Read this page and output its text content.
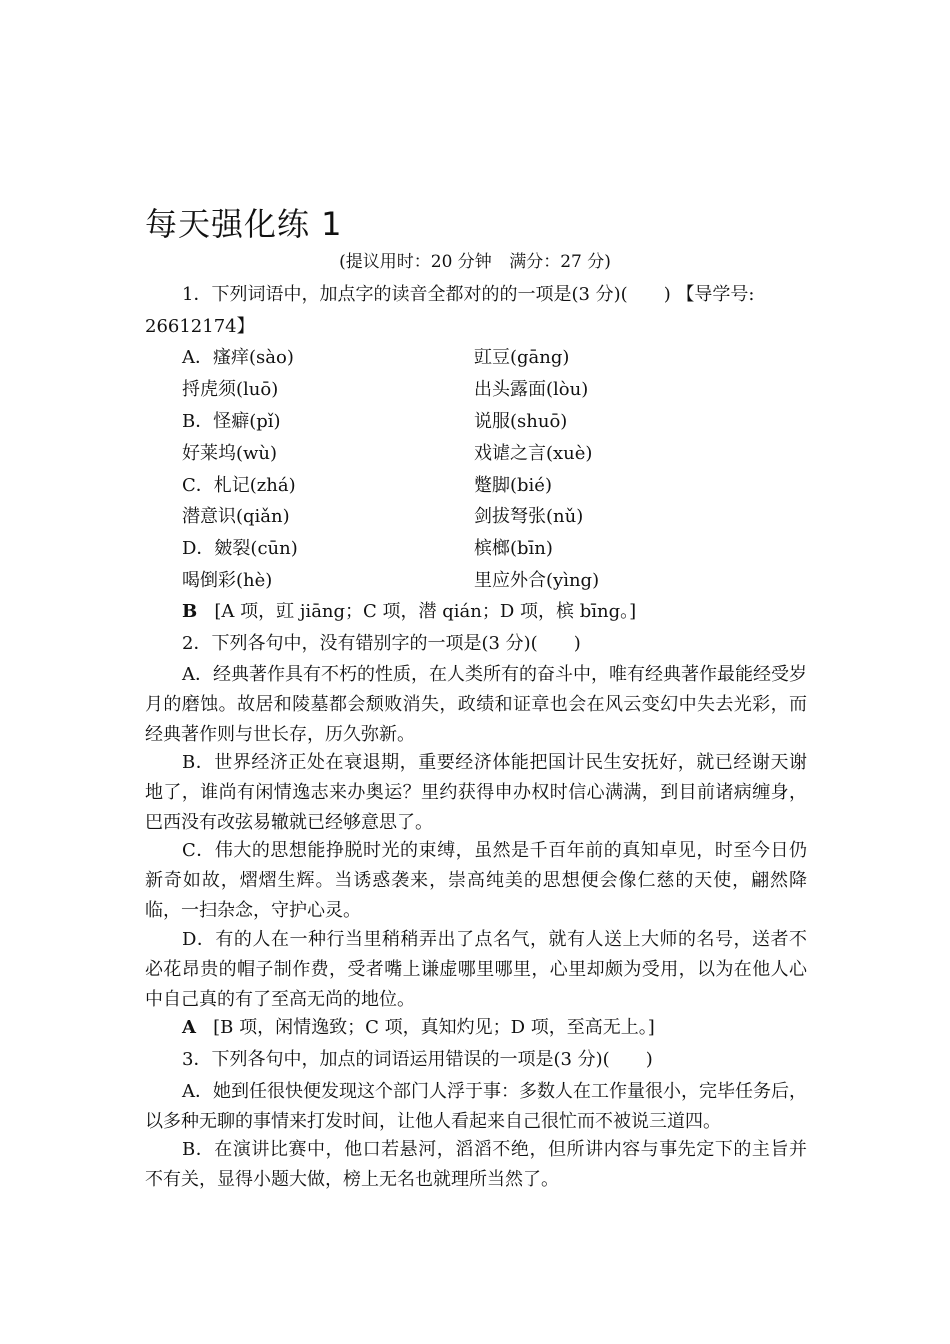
每天强化练 1
(提议用时：20 分钟 满分：27 分)
1．下列词语中，加点字的读音全都对的的一项是(3 分)(　　) 【导学号:
26612174】
A．瘙痒(sào)	豇豆(gāng)
捋虎须(luō)	出头露面(lòu)
B．怪癖(pǐ)	说服(shuō)
好莱坞(wù)	戏谑之言(xuè)
C．札记(zhá)	蹩脚(bié)
潜意识(qiǎn)	剑拔弩张(nǔ)
D．皴裂(cūn)	槟榔(bīn)
喝倒彩(hè)	里应外合(yìng)
B [A 项，豇 jiāng；C 项，潜 qián；D 项，槟 bīng。]
2．下列各句中，没有错别字的一项是(3 分)(　　)
A．经典著作具有不朽的性质，在人类所有的奋斗中，唯有经典著作最能经受岁月的磨蚀。故居和陵墓都会颓败消失，政绩和证章也会在风云变幻中失去光彩，而经典著作则与世长存，历久弥新。
B．世界经济正处在衰退期，重要经济体能把国计民生安抚好，就已经谢天谢地了，谁尚有闲情逸志来办奥运？里约获得申办权时信心满满，到目前诸病缠身，巴西没有改弦易辙就已经够意思了。
C．伟大的思想能挣脱时光的束缚，虽然是千百年前的真知卓见，时至今日仍新奇如故，熠熠生辉。当诱惑袭来，崇高纯美的思想便会像仁慈的天使，翩然降临，一扫杂念，守护心灵。
D．有的人在一种行当里稍稍弄出了点名气，就有人送上大师的名号，送者不必花昂贵的帽子制作费，受者嘴上谦虚哪里哪里，心里却颇为受用，以为在他人心中自己真的有了至高无尚的地位。
A [B 项，闲情逸致；C 项，真知灼见；D 项，至高无上。]
3．下列各句中，加点的词语运用错误的一项是(3 分)(　　)
A．她到任很快便发现这个部门人浮于事：多数人在工作量很小，完毕任务后，以多种无聊的事情来打发时间，让他人看起来自己很忙而不被说三道四。
B．在演讲比赛中，他口若悬河，滔滔不绝，但所讲内容与事先定下的主旨并不有关，显得小题大做，榜上无名也就理所当然了。
